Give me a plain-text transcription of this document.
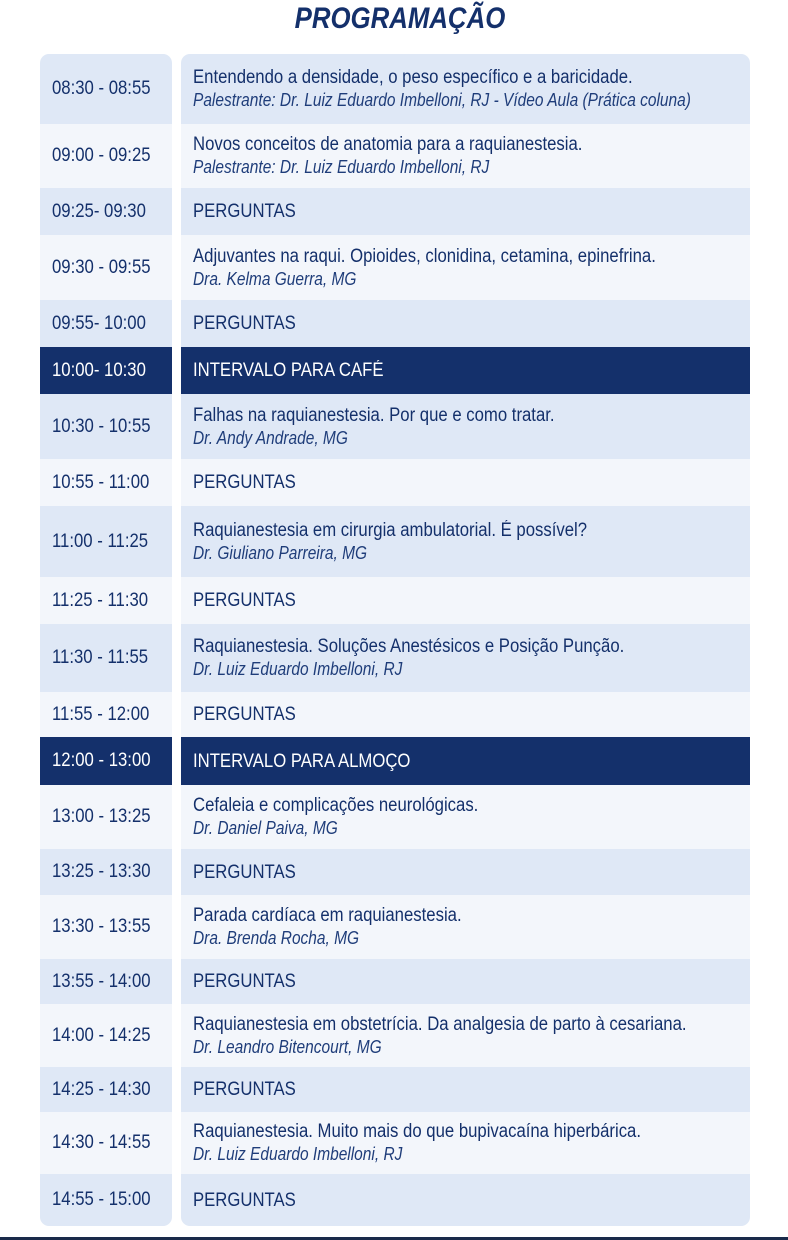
PROGRAMAÇÃO
08:30 - 08:55
09:00 - 09:25
09:25- 09:30
09:30 - 09:55
09:55- 10:00
10:00- 10:30
10:30 - 10:55
10:55 - 11:00
11:00 - 11:25
11:25 - 11:30
11:30 - 11:55
11:55 - 12:00
12:00 - 13:00
13:00 - 13:25
13:25 - 13:30
13:30 - 13:55
13:55 - 14:00
14:00 - 14:25
14:25 - 14:30
14:30 - 14:55
14:55 - 15:00
Entendendo a densidade, o peso específico e a baricidade.
Palestrante: Dr. Luiz Eduardo Imbelloni, RJ - Vídeo Aula (Prática coluna)
Novos conceitos de anatomia para a raquianestesia.
Palestrante: Dr. Luiz Eduardo Imbelloni, RJ
PERGUNTAS
Adjuvantes na raqui. Opioides, clonidina, cetamina, epinefrina.
Dra. Kelma Guerra, MG
PERGUNTAS
INTERVALO PARA CAFÉ
Falhas na raquianestesia. Por que e como tratar.
Dr. Andy Andrade, MG
PERGUNTAS
Raquianestesia em cirurgia ambulatorial. É possível?
Dr. Giuliano Parreira, MG
PERGUNTAS
Raquianestesia. Soluções Anestésicos e Posição Punção.
Dr. Luiz Eduardo Imbelloni, RJ
PERGUNTAS
INTERVALO PARA ALMOÇO
Cefaleia e complicações neurológicas.
Dr. Daniel Paiva, MG
PERGUNTAS
Parada cardíaca em raquianestesia.
Dra. Brenda Rocha, MG
PERGUNTAS
Raquianestesia em obstetrícia. Da analgesia de parto à cesariana.
Dr. Leandro Bitencourt, MG
PERGUNTAS
Raquianestesia. Muito mais do que bupivacaína hiperbárica.
Dr. Luiz Eduardo Imbelloni, RJ
PERGUNTAS
